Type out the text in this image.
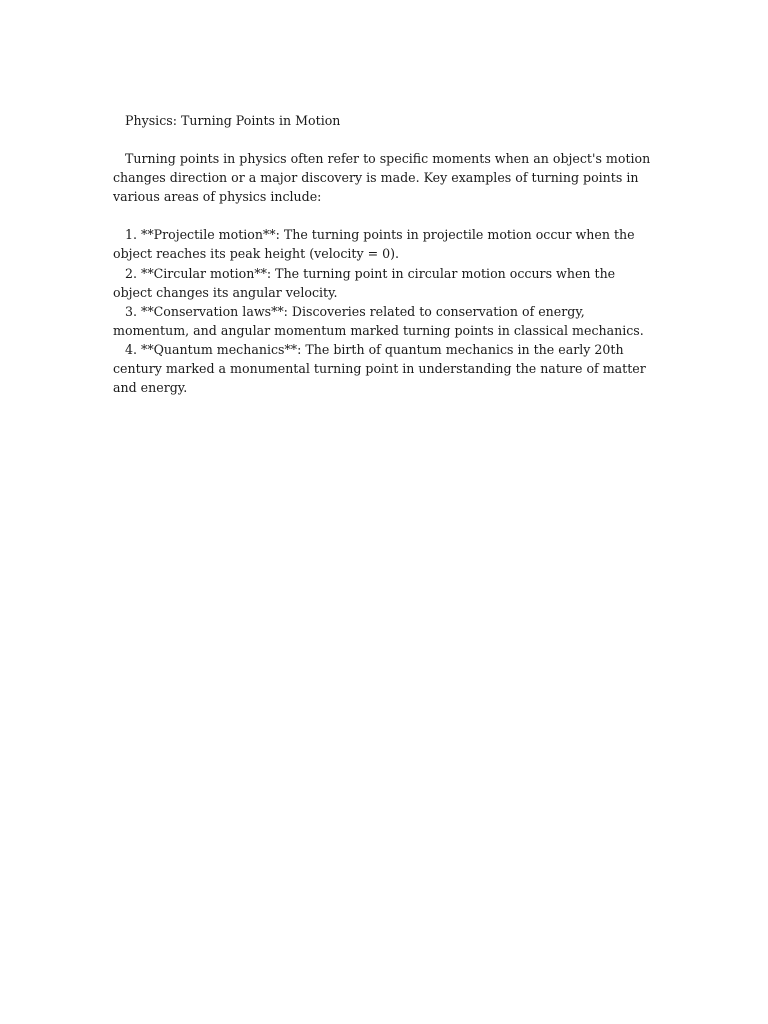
Physics: Turning Points in Motion

Turning points in physics often refer to specific moments when an object's motion changes direction or a major discovery is made. Key examples of turning points in various areas of physics include:

1. **Projectile motion**: The turning points in projectile motion occur when the object reaches its peak height (velocity = 0).

2. **Circular motion**: The turning point in circular motion occurs when the object changes its angular velocity.

3. **Conservation laws**: Discoveries related to conservation of energy, momentum, and angular momentum marked turning points in classical mechanics.

4. **Quantum mechanics**: The birth of quantum mechanics in the early 20th century marked a monumental turning point in understanding the nature of matter and energy.
